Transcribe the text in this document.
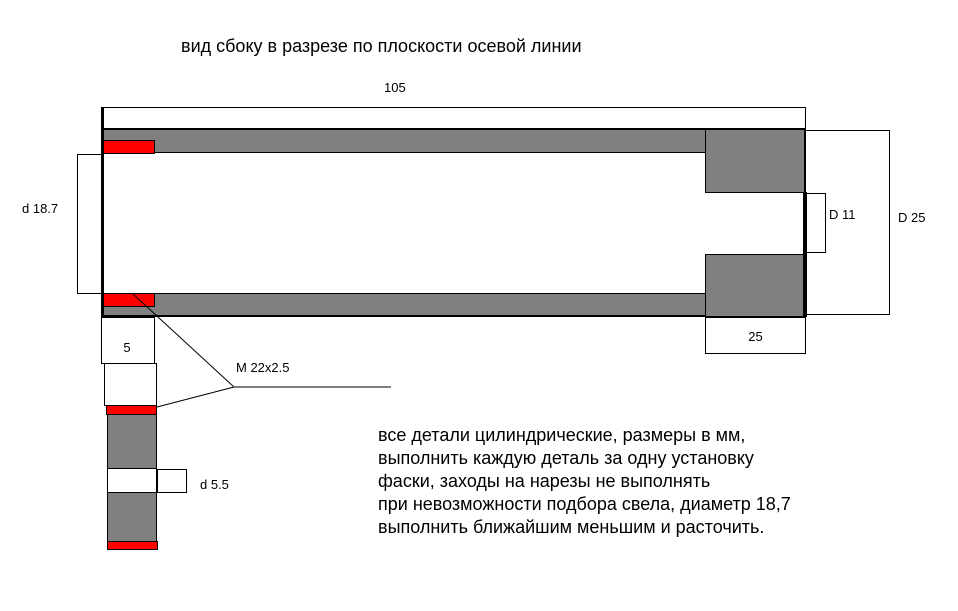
вид сбоку в разрезе по плоскости осевой линии
105
d 18.7	D 11	D 25
25
5
d 5.5
M 22x2.5
все детали цилиндрические, размеры в мм,
выполнить каждую деталь за одну установку
фаски, заходы на нарезы не выполнять
при невозможности подбора свела, диаметр 18,7
выполнить ближайшим меньшим и расточить.
